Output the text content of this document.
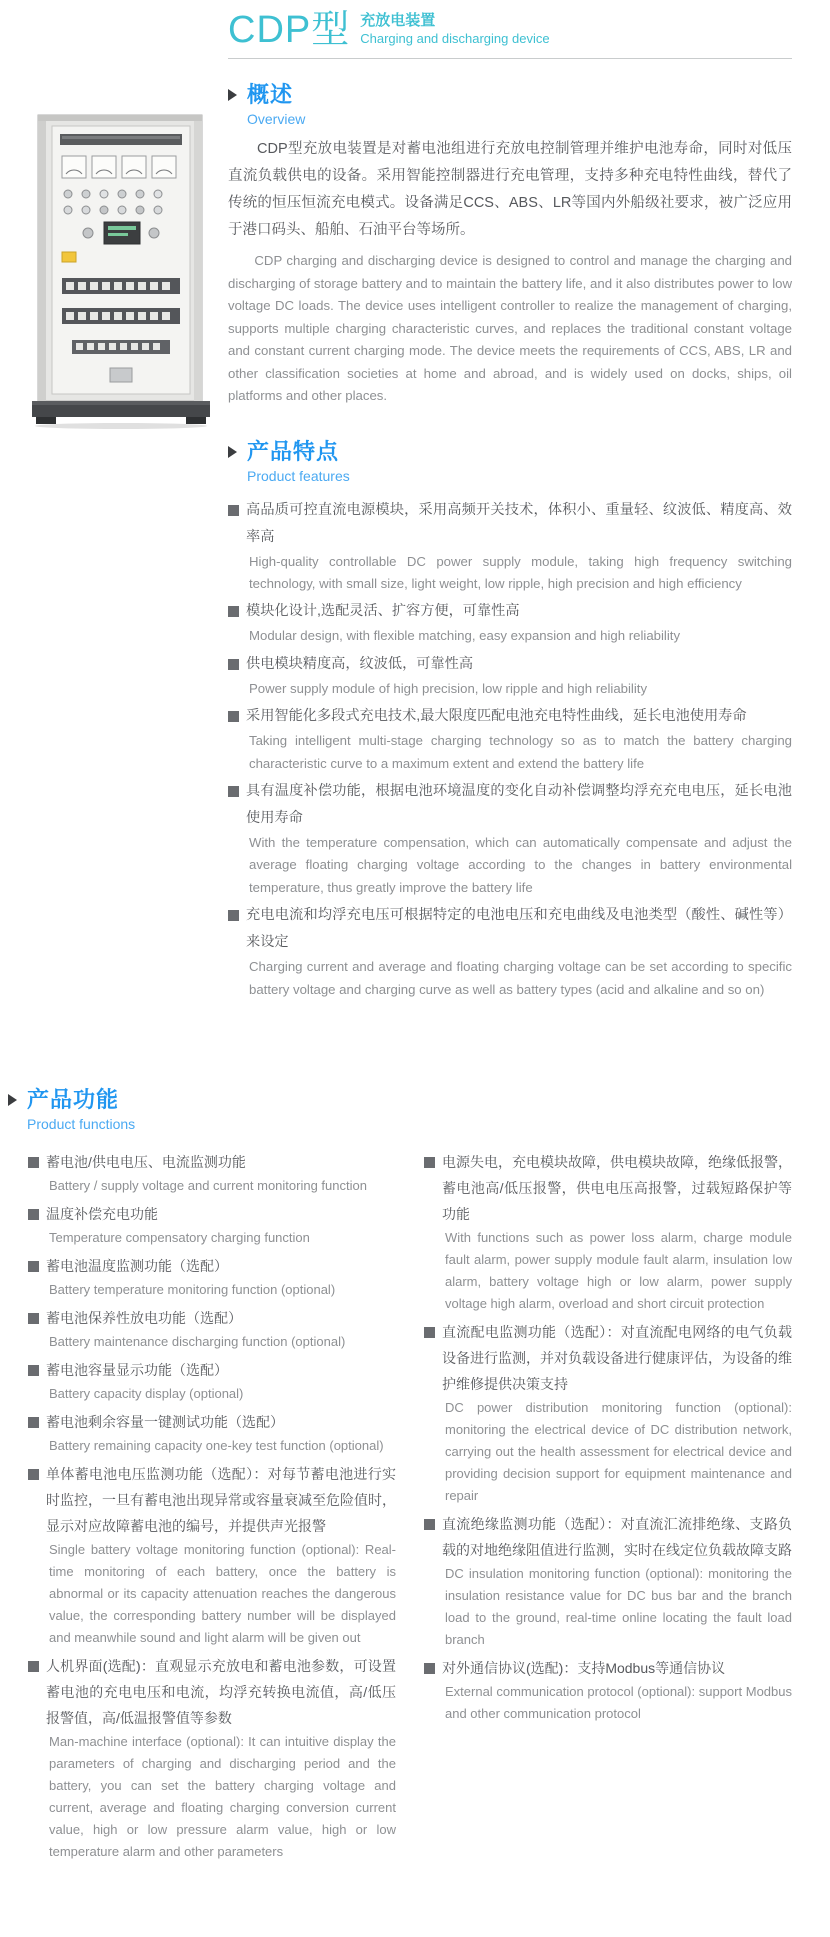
CDP型 充放电装置
Charging and discharging device
概述
Overview
CDP型充放电装置是对蓄电池组进行充放电控制管理并维护电池寿命，同时对低压直流负载供电的设备。采用智能控制器进行充电管理，支持多种充电特性曲线，替代了传统的恒压恒流充电模式。设备满足CCS、ABS、LR等国内外船级社要求，被广泛应用于港口码头、船舶、石油平台等场所。
CDP charging and discharging device is designed to control and manage the charging and discharging of storage battery and to maintain the battery life, and it also distributes power to low voltage DC loads. The device uses intelligent controller to realize the management of charging, supports multiple charging characteristic curves, and replaces the traditional constant voltage and constant current charging mode. The device meets the requirements of CCS, ABS, LR and other classification societies at home and abroad, and is widely used on docks, ships, oil platforms and other places.
产品特点
Product features
高品质可控直流电源模块，采用高频开关技术，体积小、重量轻、纹波低、精度高、效率高
High-quality controllable DC power supply module, taking high frequency switching technology, with small size, light weight, low ripple, high precision and high efficiency
模块化设计,选配灵活、扩容方便，可靠性高
Modular design, with flexible matching, easy expansion and high reliability
供电模块精度高，纹波低，可靠性高
Power supply module of high precision, low ripple and high reliability
采用智能化多段式充电技术,最大限度匹配电池充电特性曲线，延长电池使用寿命
Taking intelligent multi-stage charging technology so as to match the battery charging characteristic curve to a maximum extent and extend the battery life
具有温度补偿功能，根据电池环境温度的变化自动补偿调整均浮充充电电压，延长电池使用寿命
With the temperature compensation, which can automatically compensate and adjust the average floating charging voltage according to the changes in battery environmental temperature, thus greatly improve the battery life
充电电流和均浮充电压可根据特定的电池电压和充电曲线及电池类型（酸性、碱性等）来设定
Charging current and average and floating charging voltage can be set according to specific battery voltage and charging curve as well as battery types (acid and alkaline and so on)
产品功能
Product functions
蓄电池/供电电压、电流监测功能
Battery / supply voltage and current monitoring function
温度补偿充电功能
Temperature compensatory charging function
蓄电池温度监测功能（选配）
Battery temperature monitoring function (optional)
蓄电池保养性放电功能（选配）
Battery maintenance discharging function (optional)
蓄电池容量显示功能（选配）
Battery capacity display (optional)
蓄电池剩余容量一键测试功能（选配）
Battery remaining capacity one-key test function (optional)
单体蓄电池电压监测功能（选配）：对每节蓄电池进行实时监控，一旦有蓄电池出现异常或容量衰减至危险值时，显示对应故障蓄电池的编号，并提供声光报警
Single battery voltage monitoring function (optional): Real-time monitoring of each battery, once the battery is abnormal or its capacity attenuation reaches the dangerous value, the corresponding battery number will be displayed and meanwhile sound and light alarm will be given out
人机界面(选配)：直观显示充放电和蓄电池参数，可设置蓄电池的充电电压和电流，均浮充转换电流值，高/低压报警值，高/低温报警值等参数
Man-machine interface (optional): It can intuitive display the parameters of charging and discharging period and the battery, you can set the battery charging voltage and current, average and floating charging conversion current value, high or low pressure alarm value, high or low temperature alarm and other parameters
电源失电，充电模块故障，供电模块故障，绝缘低报警，蓄电池高/低压报警，供电电压高报警，过载短路保护等功能
With functions such as power loss alarm, charge module fault alarm, power supply module fault alarm, insulation low alarm, battery voltage high or low alarm, power supply voltage high alarm, overload and short circuit protection
直流配电监测功能（选配）：对直流配电网络的电气负载设备进行监测，并对负载设备进行健康评估，为设备的维护维修提供决策支持
DC power distribution monitoring function (optional): monitoring the electrical device of DC distribution network, carrying out the health assessment for electrical device and providing decision support for equipment maintenance and repair
直流绝缘监测功能（选配）：对直流汇流排绝缘、支路负载的对地绝缘阻值进行监测，实时在线定位负载故障支路
DC insulation monitoring function (optional): monitoring the insulation resistance value for DC bus bar and the branch load to the ground, real-time online locating the fault load branch
对外通信协议(选配)：支持Modbus等通信协议
External communication protocol (optional): support Modbus and other communication protocol
